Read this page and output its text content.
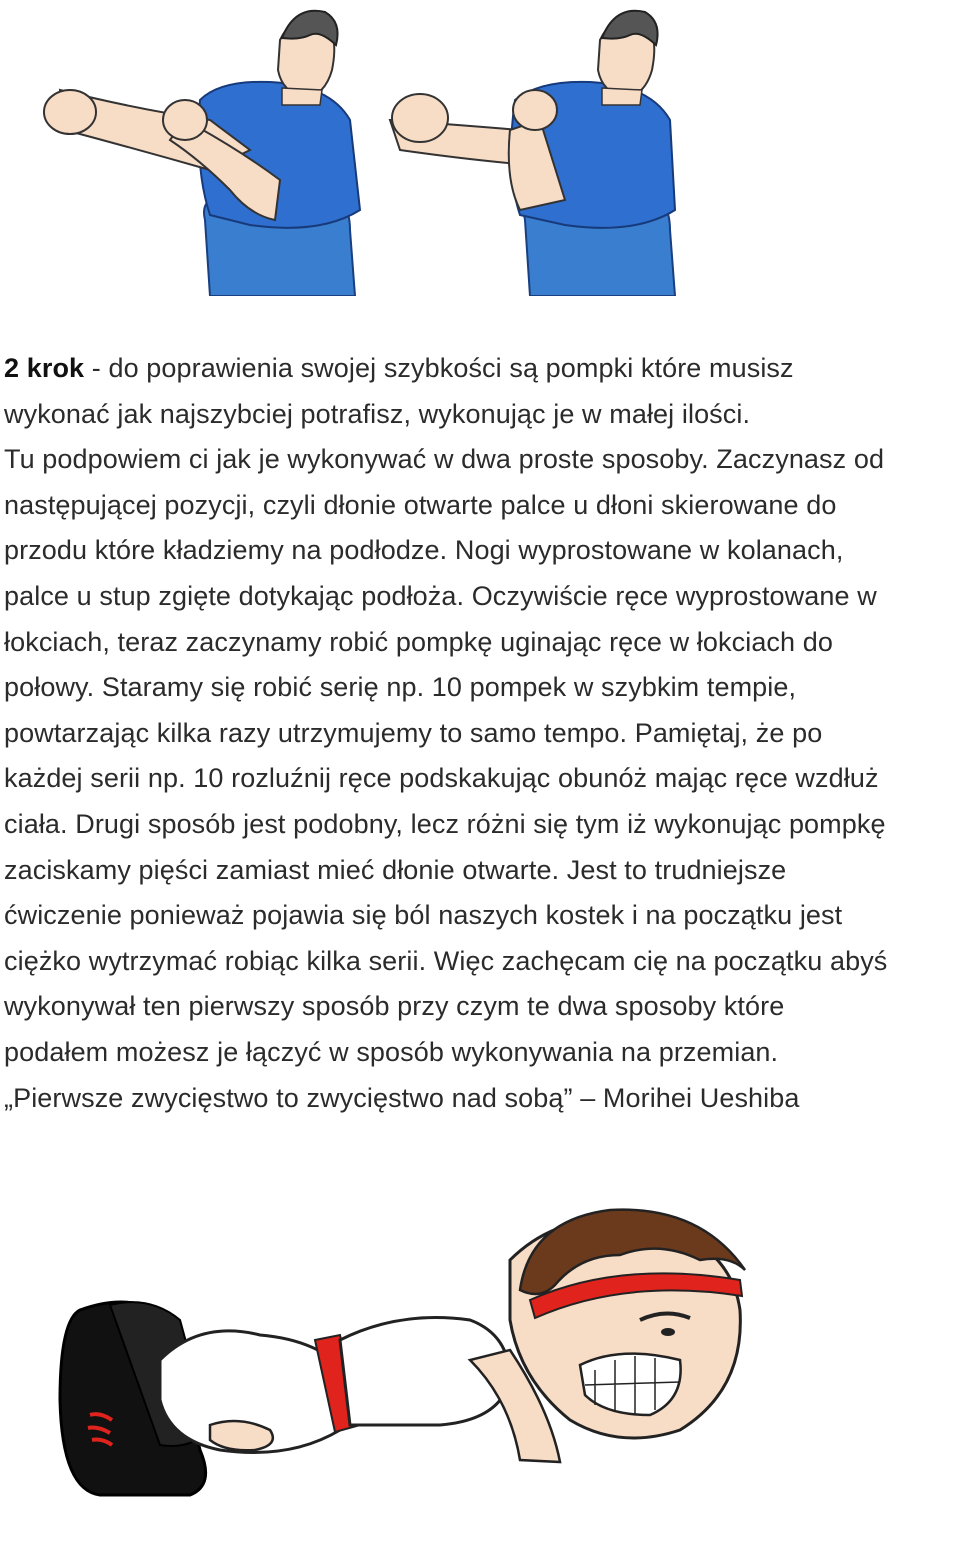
2 krok - do poprawienia swojej szybkości są pompki które musisz
wykonać jak najszybciej potrafisz, wykonując je w małej ilości.
Tu podpowiem ci jak je wykonywać w dwa proste sposoby. Zaczynasz od
następującej pozycji, czyli dłonie otwarte palce u dłoni skierowane do
przodu które kładziemy na podłodze. Nogi wyprostowane w kolanach,
palce u stup zgięte dotykając podłoża. Oczywiście ręce wyprostowane w
łokciach, teraz zaczynamy robić pompkę uginając ręce w łokciach do
połowy. Staramy się robić serię np. 10 pompek w szybkim tempie,
powtarzając kilka razy utrzymujemy to samo tempo. Pamiętaj, że po
każdej serii np. 10 rozluźnij ręce podskakując obunóż mając ręce wzdłuż
ciała. Drugi sposób jest podobny, lecz różni się tym iż wykonując pompkę
zaciskamy pięści zamiast mieć dłonie otwarte. Jest to trudniejsze
ćwiczenie ponieważ pojawia się ból naszych kostek i na początku jest
ciężko wytrzymać robiąc kilka serii. Więc zachęcam cię na początku abyś
wykonywał ten pierwszy sposób przy czym te dwa sposoby które
podałem możesz je łączyć w sposób wykonywania na przemian.
„Pierwsze zwycięstwo to zwycięstwo nad sobą” – Morihei Ueshiba
